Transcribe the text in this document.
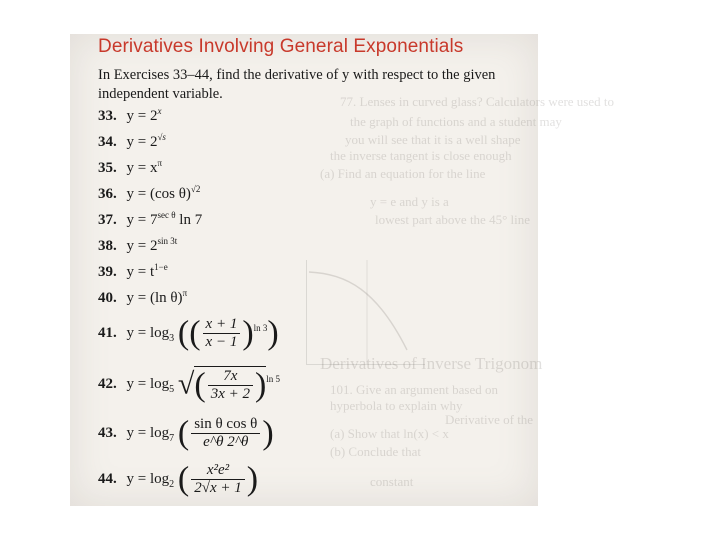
77. Lenses in curved glass? Calculators were used to
the graph of functions and a student may
you will see that it is a well shape
the inverse tangent is close enough
(a) Find an equation for the line
y = e and y is a
lowest part above the 45° line
Derivatives of Inverse Trigonom
101. Give an argument based on
hyperbola to explain why
(a) Show that ln(x) < x
(b) Conclude that
Derivative of the
constant
Derivatives Involving General Exponentials
In Exercises 33–44, find the derivative of y with respect to the given independent variable.
33. $y = 2^x$
34. $y = 2^{√s}$
35. $y = x^\pi$
36. y = (cos θ)$^{√2}$
37. $y = 7^{sec \theta}$ ln 7
38. $y = 2^{sin 3t}$
39. $y = t^{1-e}$
40. y = (ln θ)$^\pi$
41. $y = \log_3$ (( $\frac{x + 1}{x - 1} )^{ln 3}$)
42. $y = \log_5$ √( $\frac{7x}{3x + 2} )^{ln 5}$
43. $y = \log_7$ ( $\frac{\text{sin θ cos θ}}{e\^{}\theta 2\^{}\theta}$ )
44. $y = \log_2$ ( $\frac{\text{x²e²}}{2√x + 1}$ )
